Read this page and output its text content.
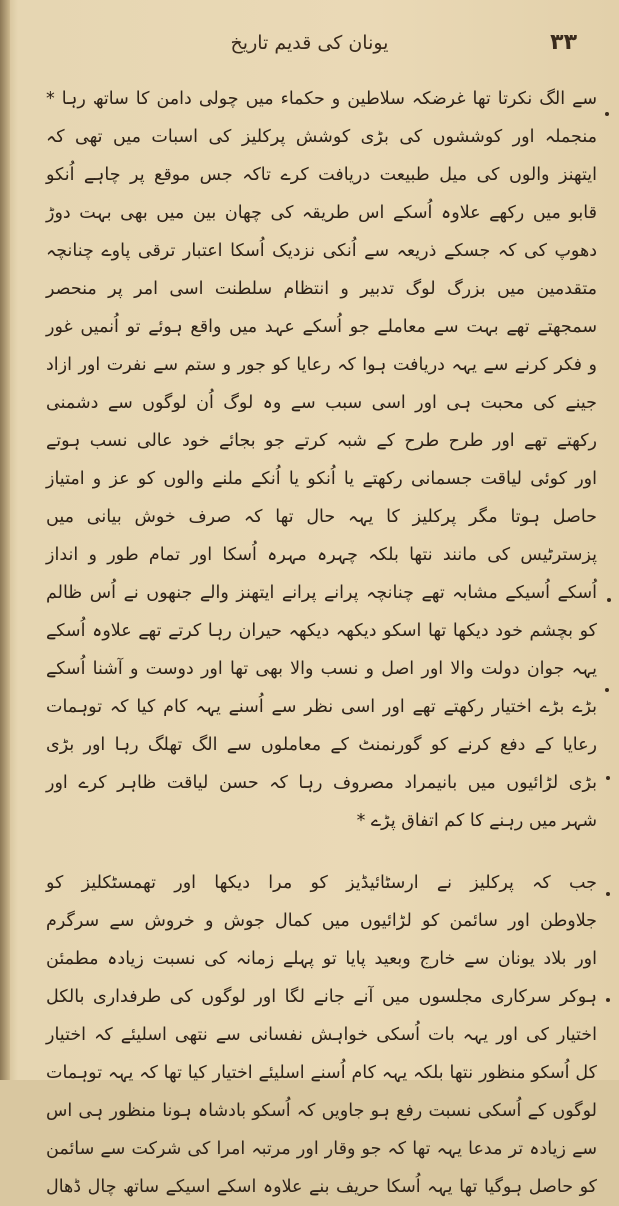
یونان کی قدیم تاریخ	۳۳
سے الگ نکرتا تھا غرضکہ سلاطین و حکماء میں چولی دامن کا ساتھ رہا *
منجملہ اور کوششوں کی بڑی کوشش پرکلیز کی اسبات میں تھی کہ
ایتھنز والوں کی میل طبیعت دریافت کرے تاکہ جس موقع پر چاہے اُنکو
قابو میں رکھے علاوہ اُسکے اس طریقہ کی چھان بین میں بھی بہت دوڑ
دھوپ کی کہ جسکے ذریعہ سے اُنکی نزدیک اُسکا اعتبار ترقی پاوے چنانچہ
متقدمین میں بزرگ لوگ تدبیر و انتظام سلطنت اسی امر پر منحصر
سمجھتے تھے بہت سے معاملے جو اُسکے عہد میں واقع ہوئے تو اُنمیں غور
و فکر کرنے سے یہہ دریافت ہوا کہ رعایا کو جور و ستم سے نفرت اور ازاد
جینے کی محبت ہی اور اسی سبب سے وہ لوگ اُن لوگوں سے دشمنی
رکھتے تھے اور طرح طرح کے شبہ کرتے جو بجائے خود عالی نسب ہوتے
اور کوئی لیاقت جسمانی رکھتے یا اُنکو یا اُنکے ملنے والوں کو عز و امتیاز
حاصل ہوتا مگر پرکلیز کا یہہ حال تھا کہ صرف خوش بیانی میں
پزسترٹیس کی مانند نتھا بلکہ چہرہ مہرہ اُسکا اور تمام طور و انداز
اُسکے اُسیکے مشابہ تھے چنانچہ پرانے پرانے ایتھنز والے جنھوں نے اُس ظالم
کو بچشم خود دیکھا تھا اسکو دیکھہ دیکھہ حیران رہا کرتے تھے علاوہ اُسکے
یہہ جوان دولت والا اور اصل و نسب والا بھی تھا اور دوست و آشنا اُسکے
بڑے بڑے اختیار رکھتے تھے اور اسی نظر سے اُسنے یہہ کام کیا کہ توہمات
رعایا کے دفع کرنے کو گورنمنٹ کے معاملوں سے الگ تھلگ رہا اور بڑی
بڑی لڑائیوں میں بانیمراد مصروف رہا کہ حسن لیاقت ظاہر کرے اور
شہر میں رہنے کا کم اتفاق پڑے *
جب کہ پرکلیز نے ارسٹائیڈیز کو مرا دیکھا اور تھمسٹکلیز کو
جلاوطن اور سائمن کو لڑائیوں میں کمال جوش و خروش سے سرگرم
اور بلاد یونان سے خارج وبعید پایا تو پہلے زمانہ کی نسبت زیادہ مطمئن
ہوکر سرکاری مجلسوں میں آنے جانے لگا اور لوگوں کی طرفداری بالکل
اختیار کی اور یہہ بات اُسکی خواہش نفسانی سے نتھی اسلیئے کہ اختیار
کل اُسکو منظور نتھا بلکہ یہہ کام اُسنے اسلیئے اختیار کیا تھا کہ یہہ توہمات
لوگوں کے اُسکی نسبت رفع ہو جاویں کہ اُسکو بادشاہ ہونا منظور ہی اس
سے زیادہ تر مدعا یہہ تھا کہ جو وقار اور مرتبہ امرا کی شرکت سے سائمن
کو حاصل ہوگیا تھا یہہ اُسکا حریف بنے علاوہ اسکے اسیکے ساتھ چال ڈھال
